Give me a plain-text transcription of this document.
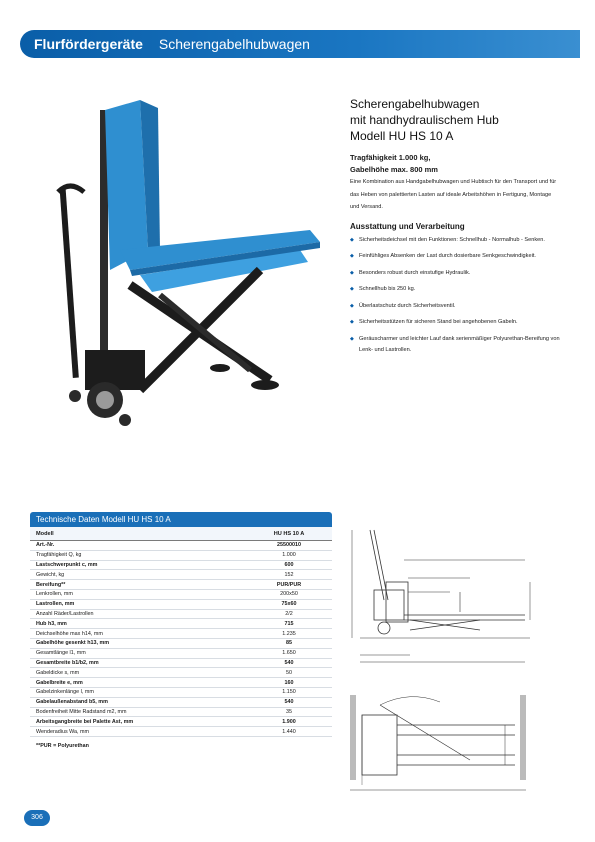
Flurfördergeräte Scherengabelhubwagen
Scherengabelhubwagen
mit handhydraulischem Hub
Modell HU HS 10 A
Tragfähigkeit 1.000 kg,
Gabelhöhe max. 800 mm
Eine Kombination aus Handgabelhubwagen und Hubtisch für den Transport und für das Heben von palettierten Lasten auf ideale Arbeitshöhen in Fertigung, Montage und Versand.
Ausstattung und Verarbeitung
◆ Sicherheitsdeichsel mit den Funktionen: Schnellhub - Normalhub - Senken.
◆ Feinfühliges Absenken der Last durch dosierbare Senkgeschwindigkeit.
◆ Besonders robust durch einstufige Hydraulik.
◆ Schnellhub bis 250 kg.
◆ Überlastschutz durch Sicherheitsventil.
◆ Sicherheitsstützen für sicheren Stand bei angehobenen Gabeln.
◆ Geräuscharmer und leichter Lauf dank serienmäßiger Polyurethan-Bereifung von Lenk- und Lastrollen.
Technische Daten Modell HU HS 10 A
Modell	HU HS 10 A
Art.-Nr.	25500010
Tragfähigkeit Q, kg	1.000
Lastschwerpunkt c, mm	600
Gewicht, kg	152
Bereifung**	PUR/PUR
Lenkrollen, mm	200x50
Lastrollen, mm	75x60
Anzahl Räder/Lastrollen	2/2
Hub h3, mm	715
Deichselhöhe max h14, mm	1.235
Gabelhöhe gesenkt h13, mm	85
Gesamtlänge l1, mm	1.650
Gesamtbreite b1/b2, mm	540
Gabeldicke s, mm	50
Gabelbreite e, mm	160
Gabelzinkenlänge l, mm	1.150
Gabelaußenabstand b5, mm	540
Bodenfreiheit Mitte Radstand m2, mm	35
Arbeitsgangbreite bei Palette Ast, mm	1.900
Wenderadius Wa, mm	1.440
**PUR = Polyurethan
306
